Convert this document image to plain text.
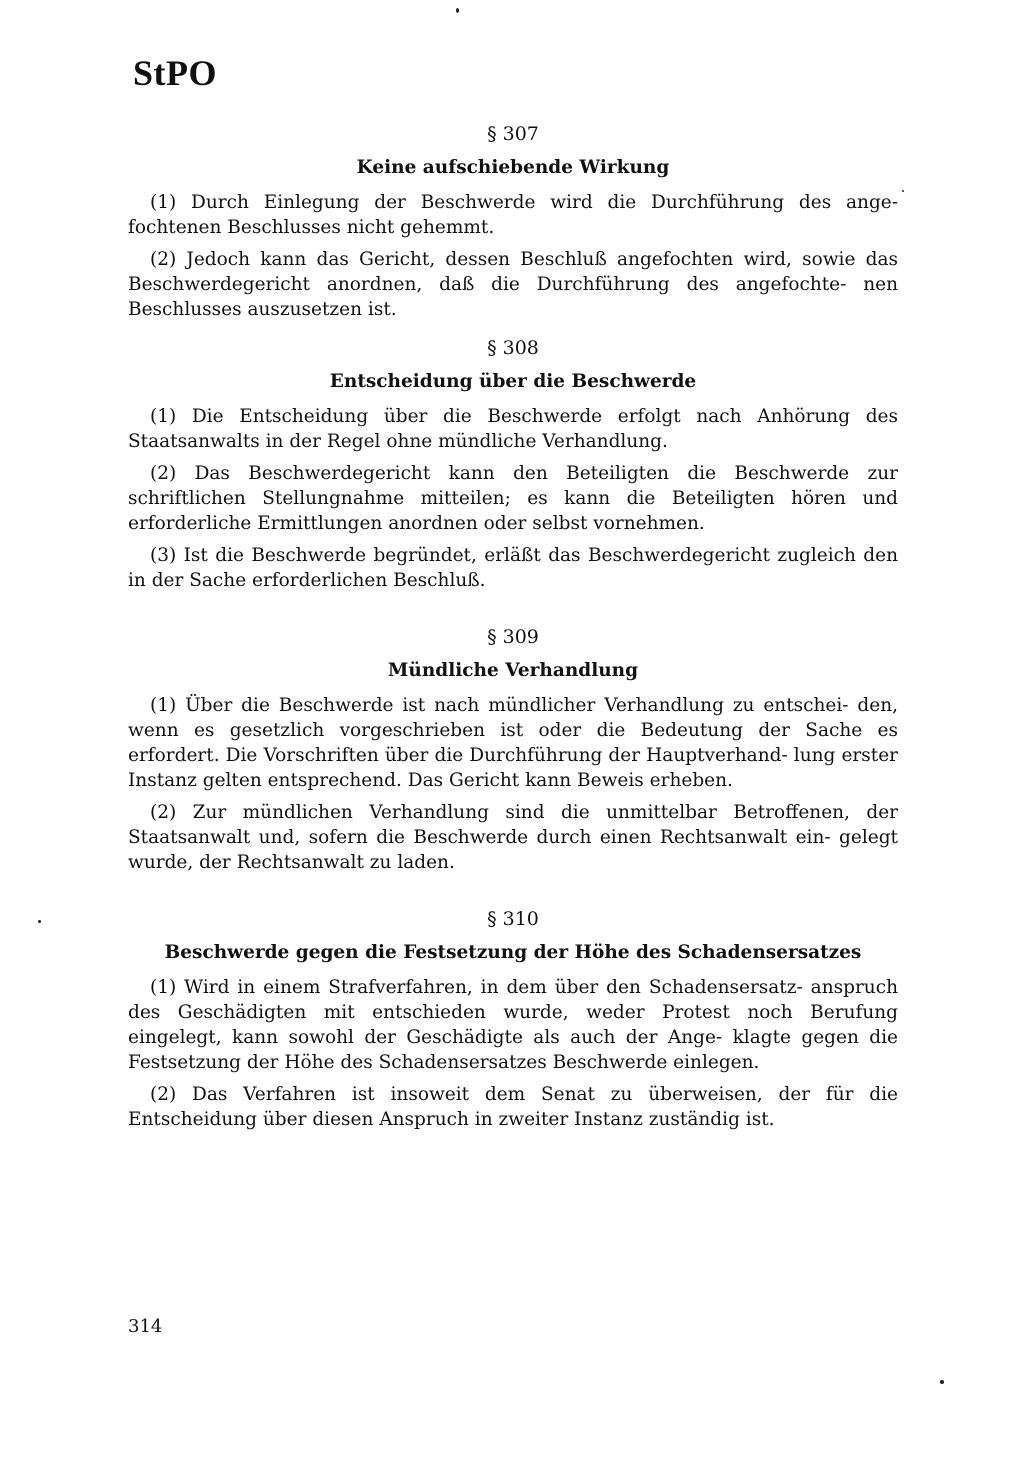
StPO
§ 307
Keine aufschiebende Wirkung

(1) Durch Einlegung der Beschwerde wird die Durchführung des ange- fochtenen Beschlusses nicht gehemmt.

(2) Jedoch kann das Gericht, dessen Beschluß angefochten wird, sowie das Beschwerdegericht anordnen, daß die Durchführung des angefochte- nen Beschlusses auszusetzen ist.

§ 308
Entscheidung über die Beschwerde

(1) Die Entscheidung über die Beschwerde erfolgt nach Anhörung des Staatsanwalts in der Regel ohne mündliche Verhandlung.

(2) Das Beschwerdegericht kann den Beteiligten die Beschwerde zur schriftlichen Stellungnahme mitteilen; es kann die Beteiligten hören und erforderliche Ermittlungen anordnen oder selbst vornehmen.

(3) Ist die Beschwerde begründet, erläßt das Beschwerdegericht zugleich den in der Sache erforderlichen Beschluß.

§ 309
Mündliche Verhandlung

(1) Über die Beschwerde ist nach mündlicher Verhandlung zu entschei- den, wenn es gesetzlich vorgeschrieben ist oder die Bedeutung der Sache es erfordert. Die Vorschriften über die Durchführung der Hauptverhand- lung erster Instanz gelten entsprechend. Das Gericht kann Beweis erheben.

(2) Zur mündlichen Verhandlung sind die unmittelbar Betroffenen, der Staatsanwalt und, sofern die Beschwerde durch einen Rechtsanwalt ein- gelegt wurde, der Rechtsanwalt zu laden.

§ 310
Beschwerde gegen die Festsetzung der Höhe des Schadensersatzes

(1) Wird in einem Strafverfahren, in dem über den Schadensersatz- anspruch des Geschädigten mit entschieden wurde, weder Protest noch Berufung eingelegt, kann sowohl der Geschädigte als auch der Ange- klagte gegen die Festsetzung der Höhe des Schadensersatzes Beschwerde einlegen.

(2) Das Verfahren ist insoweit dem Senat zu überweisen, der für die Entscheidung über diesen Anspruch in zweiter Instanz zuständig ist.

314
